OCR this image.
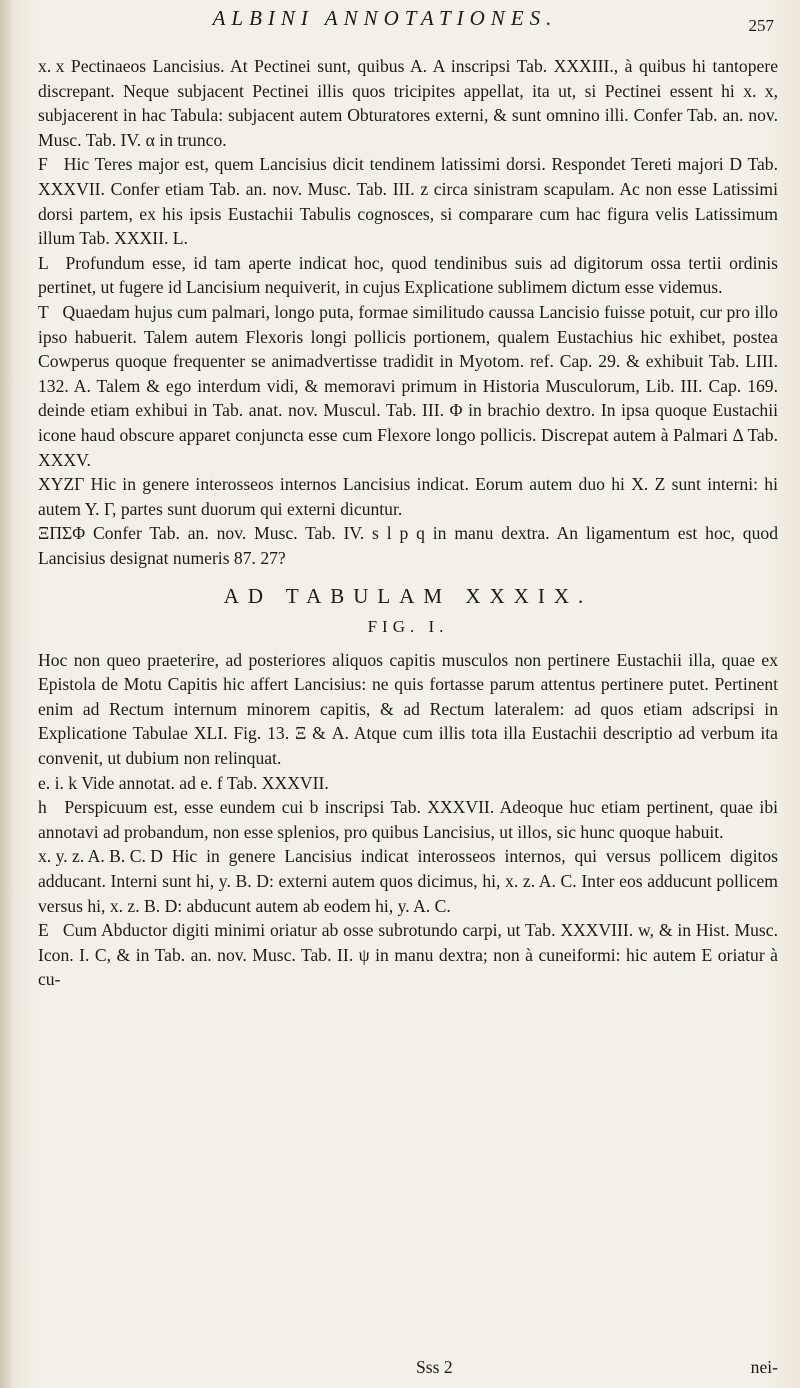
ALBINI ANNOTATIONES.	257

x. x Pectinaeos Lancisius. At Pectinei sunt, quibus A. A inscripsi Tab. XXXIII., à quibus hi tantopere discrepant. Neque subjacent Pectinei illis quos tricipites appellat, ita ut, si Pectinei essent hi x. x, subjacerent in hac Tabula: subjacent autem Obturatores externi, & sunt omnino illi. Confer Tab. an. nov. Musc. Tab. IV. α in trunco.

F Hic Teres major est, quem Lancisius dicit tendinem latissimi dorsi. Respondet Tereti majori D Tab. XXXVII. Confer etiam Tab. an. nov. Musc. Tab. III. z circa sinistram scapulam. Ac non esse Latissimi dorsi partem, ex his ipsis Eustachii Tabulis cognosces, si comparare cum hac figura velis Latissimum illum Tab. XXXII. L.

L Profundum esse, id tam aperte indicat hoc, quod tendinibus suis ad digitorum ossa tertii ordinis pertinet, ut fugere id Lancisium nequiverit, in cujus Explicatione sublimem dictum esse videmus.

T Quaedam hujus cum palmari, longo puta, formae similitudo caussa Lancisio fuisse potuit, cur pro illo ipso habuerit. Talem autem Flexoris longi pollicis portionem, qualem Eustachius hic exhibet, postea Cowperus quoque frequenter se animadvertisse tradidit in Myotom. ref. Cap. 29. & exhibuit Tab. LIII. 132. A. Talem & ego interdum vidi, & memoravi primum in Historia Musculorum, Lib. III. Cap. 169. deinde etiam exhibui in Tab. anat. nov. Muscul. Tab. III. Φ in brachio dextro. In ipsa quoque Eustachii icone haud obscure apparet conjuncta esse cum Flexore longo pollicis. Discrepat autem à Palmari Δ Tab. XXXV.

XYZΓ Hic in genere interosseos internos Lancisius indicat. Eorum autem duo hi X. Z sunt interni: hi autem Y. Γ, partes sunt duorum qui externi dicuntur.

ΞΠΣΦ Confer Tab. an. nov. Musc. Tab. IV. s l p q in manu dextra. An ligamentum est hoc, quod Lancisius designat numeris 87. 27?

AD TABULAM XXXIX.
FIG. I.

Hoc non queo praeterire, ad posteriores aliquos capitis musculos non pertinere Eustachii illa, quae ex Epistola de Motu Capitis hic affert Lancisius: ne quis fortasse parum attentus pertinere putet. Pertinent enim ad Rectum internum minorem capitis, & ad Rectum lateralem: ad quos etiam adscripsi in Explicatione Tabulae XLI. Fig. 13. Ξ & A. Atque cum illis tota illa Eustachii descriptio ad verbum ita convenit, ut dubium non relinquat.

e. i. k Vide annotat. ad e. f Tab. XXXVII.

h Perspicuum est, esse eundem cui b inscripsi Tab. XXXVII. Adeoque huc etiam pertinent, quae ibi annotavi ad probandum, non esse splenios, pro quibus Lancisius, ut illos, sic hunc quoque habuit.

x. y. z. A. B. C. D Hic in genere Lancisius indicat interosseos internos, qui versus pollicem digitos adducant. Interni sunt hi, y. B. D: externi autem quos dicimus, hi, x. z. A. C. Inter eos adducunt pollicem versus hi, x. z. B. D: abducunt autem ab eodem hi, y. A. C.

E Cum Abductor digiti minimi oriatur ab osse subrotundo carpi, ut Tab. XXXVIII. w, & in Hist. Musc. Icon. I. C, & in Tab. an. nov. Musc. Tab. II. ψ in manu dextra; non à cuneiformi: hic autem E oriatur à cu-

Sss 2	nei-
